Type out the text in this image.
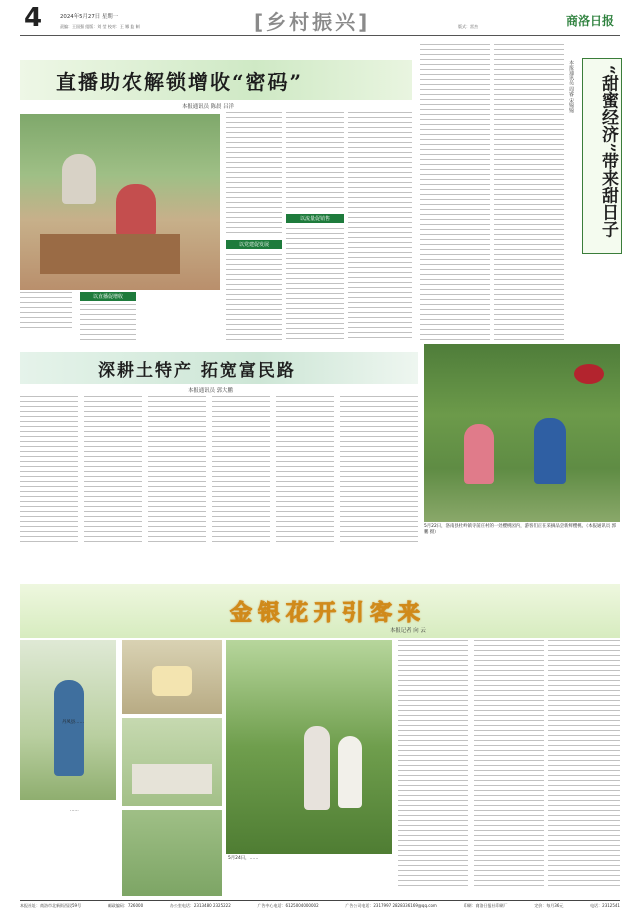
4	2024年5月27日 星期一
责编：王国强 组版：刘 莹 校对：王 娜 监 制	[乡村振兴]	版式：雷杰	商洛日报
直播助农解锁增收“密码”
本报通讯员 陈晨 吕洋
以直播促增收
以党建促发展
以流量促销售	“甜蜜经济”带来甜日子
本报通讯员 周睿 宋锦锦
深耕土特产 拓宽富民路
本报通讯员 郭大鹏
5月22日，洛南县杜岭镇寺前庄村的一处樱桃园内，游客们正在采摘品尝新鲜樱桃。（本报通讯员 郭 鹏 摄）
金银花开引客来
本报记者 向 云
丹凤县……
……
5月24日，……
本报社址：商洛市北新街西段59号	邮政编码：726000	办公室电话：2313480 2325222	广告中心电话：6125004000002	广告公司电话：2317997 2828336169@qq.com	印刷：商洛日报社印刷厂	定价：每月36元	电话：2312541
